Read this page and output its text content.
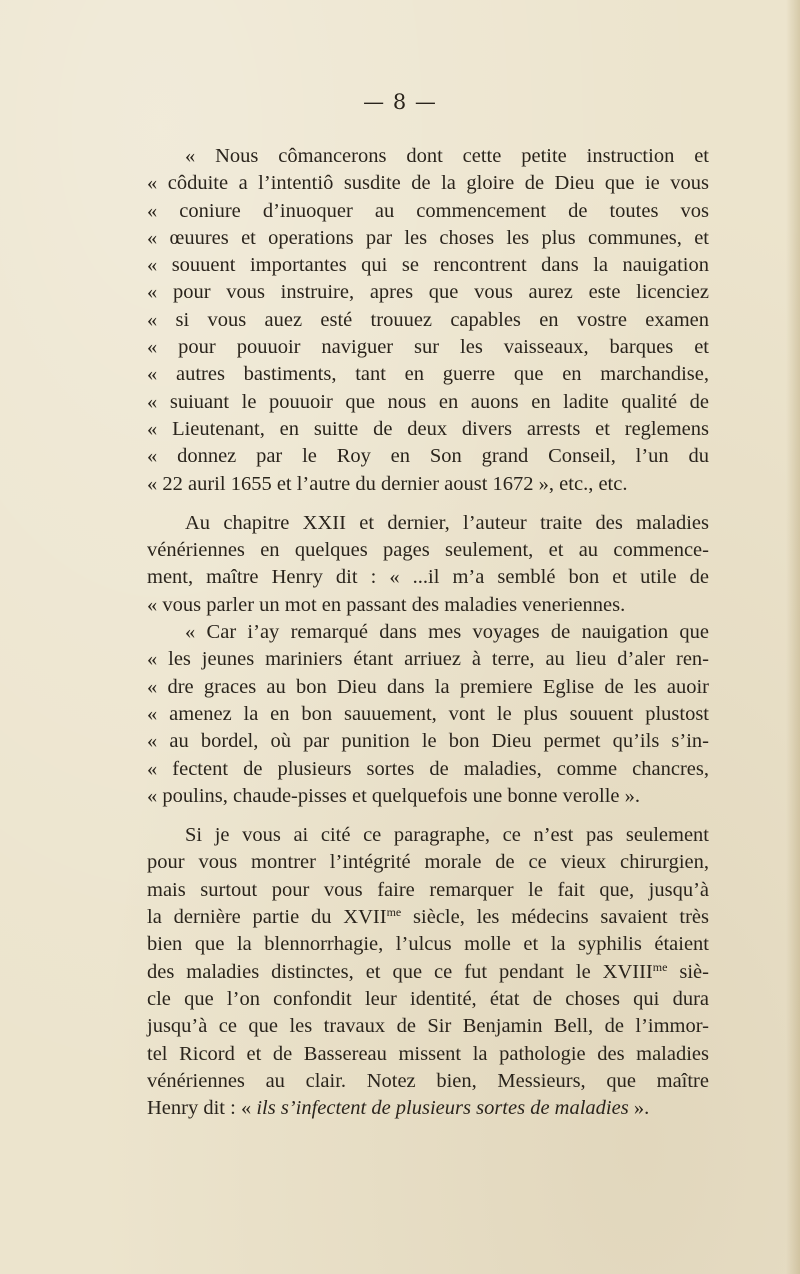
— 8 —
« Nous cômancerons dont cette petite instruction et
« côduite a l’intentiô susdite de la gloire de Dieu que ie vous
« coniure d’inuoquer au commencement de toutes vos
« œuures et operations par les choses les plus communes, et
« souuent importantes qui se rencontrent dans la nauigation
« pour vous instruire, apres que vous aurez este licenciez
« si vous auez esté trouuez capables en vostre examen
« pour pouuoir naviguer sur les vaisseaux, barques et
« autres bastiments, tant en guerre que en marchandise,
« suiuant le pouuoir que nous en auons en ladite qualité de
« Lieutenant, en suitte de deux divers arrests et reglemens
« donnez par le Roy en Son grand Conseil, l’un du
« 22 auril 1655 et l’autre du dernier aoust 1672 », etc., etc.
Au chapitre XXII et dernier, l’auteur traite des maladies
vénériennes en quelques pages seulement, et au commence-
ment, maître Henry dit : « ...il m’a semblé bon et utile de
« vous parler un mot en passant des maladies veneriennes.
« Car i’ay remarqué dans mes voyages de nauigation que
« les jeunes mariniers étant arriuez à terre, au lieu d’aler ren-
« dre graces au bon Dieu dans la premiere Eglise de les auoir
« amenez la en bon sauuement, vont le plus souuent plustost
« au bordel, où par punition le bon Dieu permet qu’ils s’in-
« fectent de plusieurs sortes de maladies, comme chancres,
« poulins, chaude-pisses et quelquefois une bonne verolle ».
Si je vous ai cité ce paragraphe, ce n’est pas seulement
pour vous montrer l’intégrité morale de ce vieux chirurgien,
mais surtout pour vous faire remarquer le fait que, jusqu’à
la dernière partie du $XVII^{me}$ siècle, les médecins savaient très
bien que la blennorrhagie, l’ulcus molle et la syphilis étaient
des maladies distinctes, et que ce fut pendant le $XVIII^{me}$ siè-
cle que l’on confondit leur identité, état de choses qui dura
jusqu’à ce que les travaux de Sir Benjamin Bell, de l’immor-
tel Ricord et de Bassereau missent la pathologie des maladies
vénériennes au clair. Notez bien, Messieurs, que maître
Henry dit : « ils s’infectent de plusieurs sortes de maladies ».
